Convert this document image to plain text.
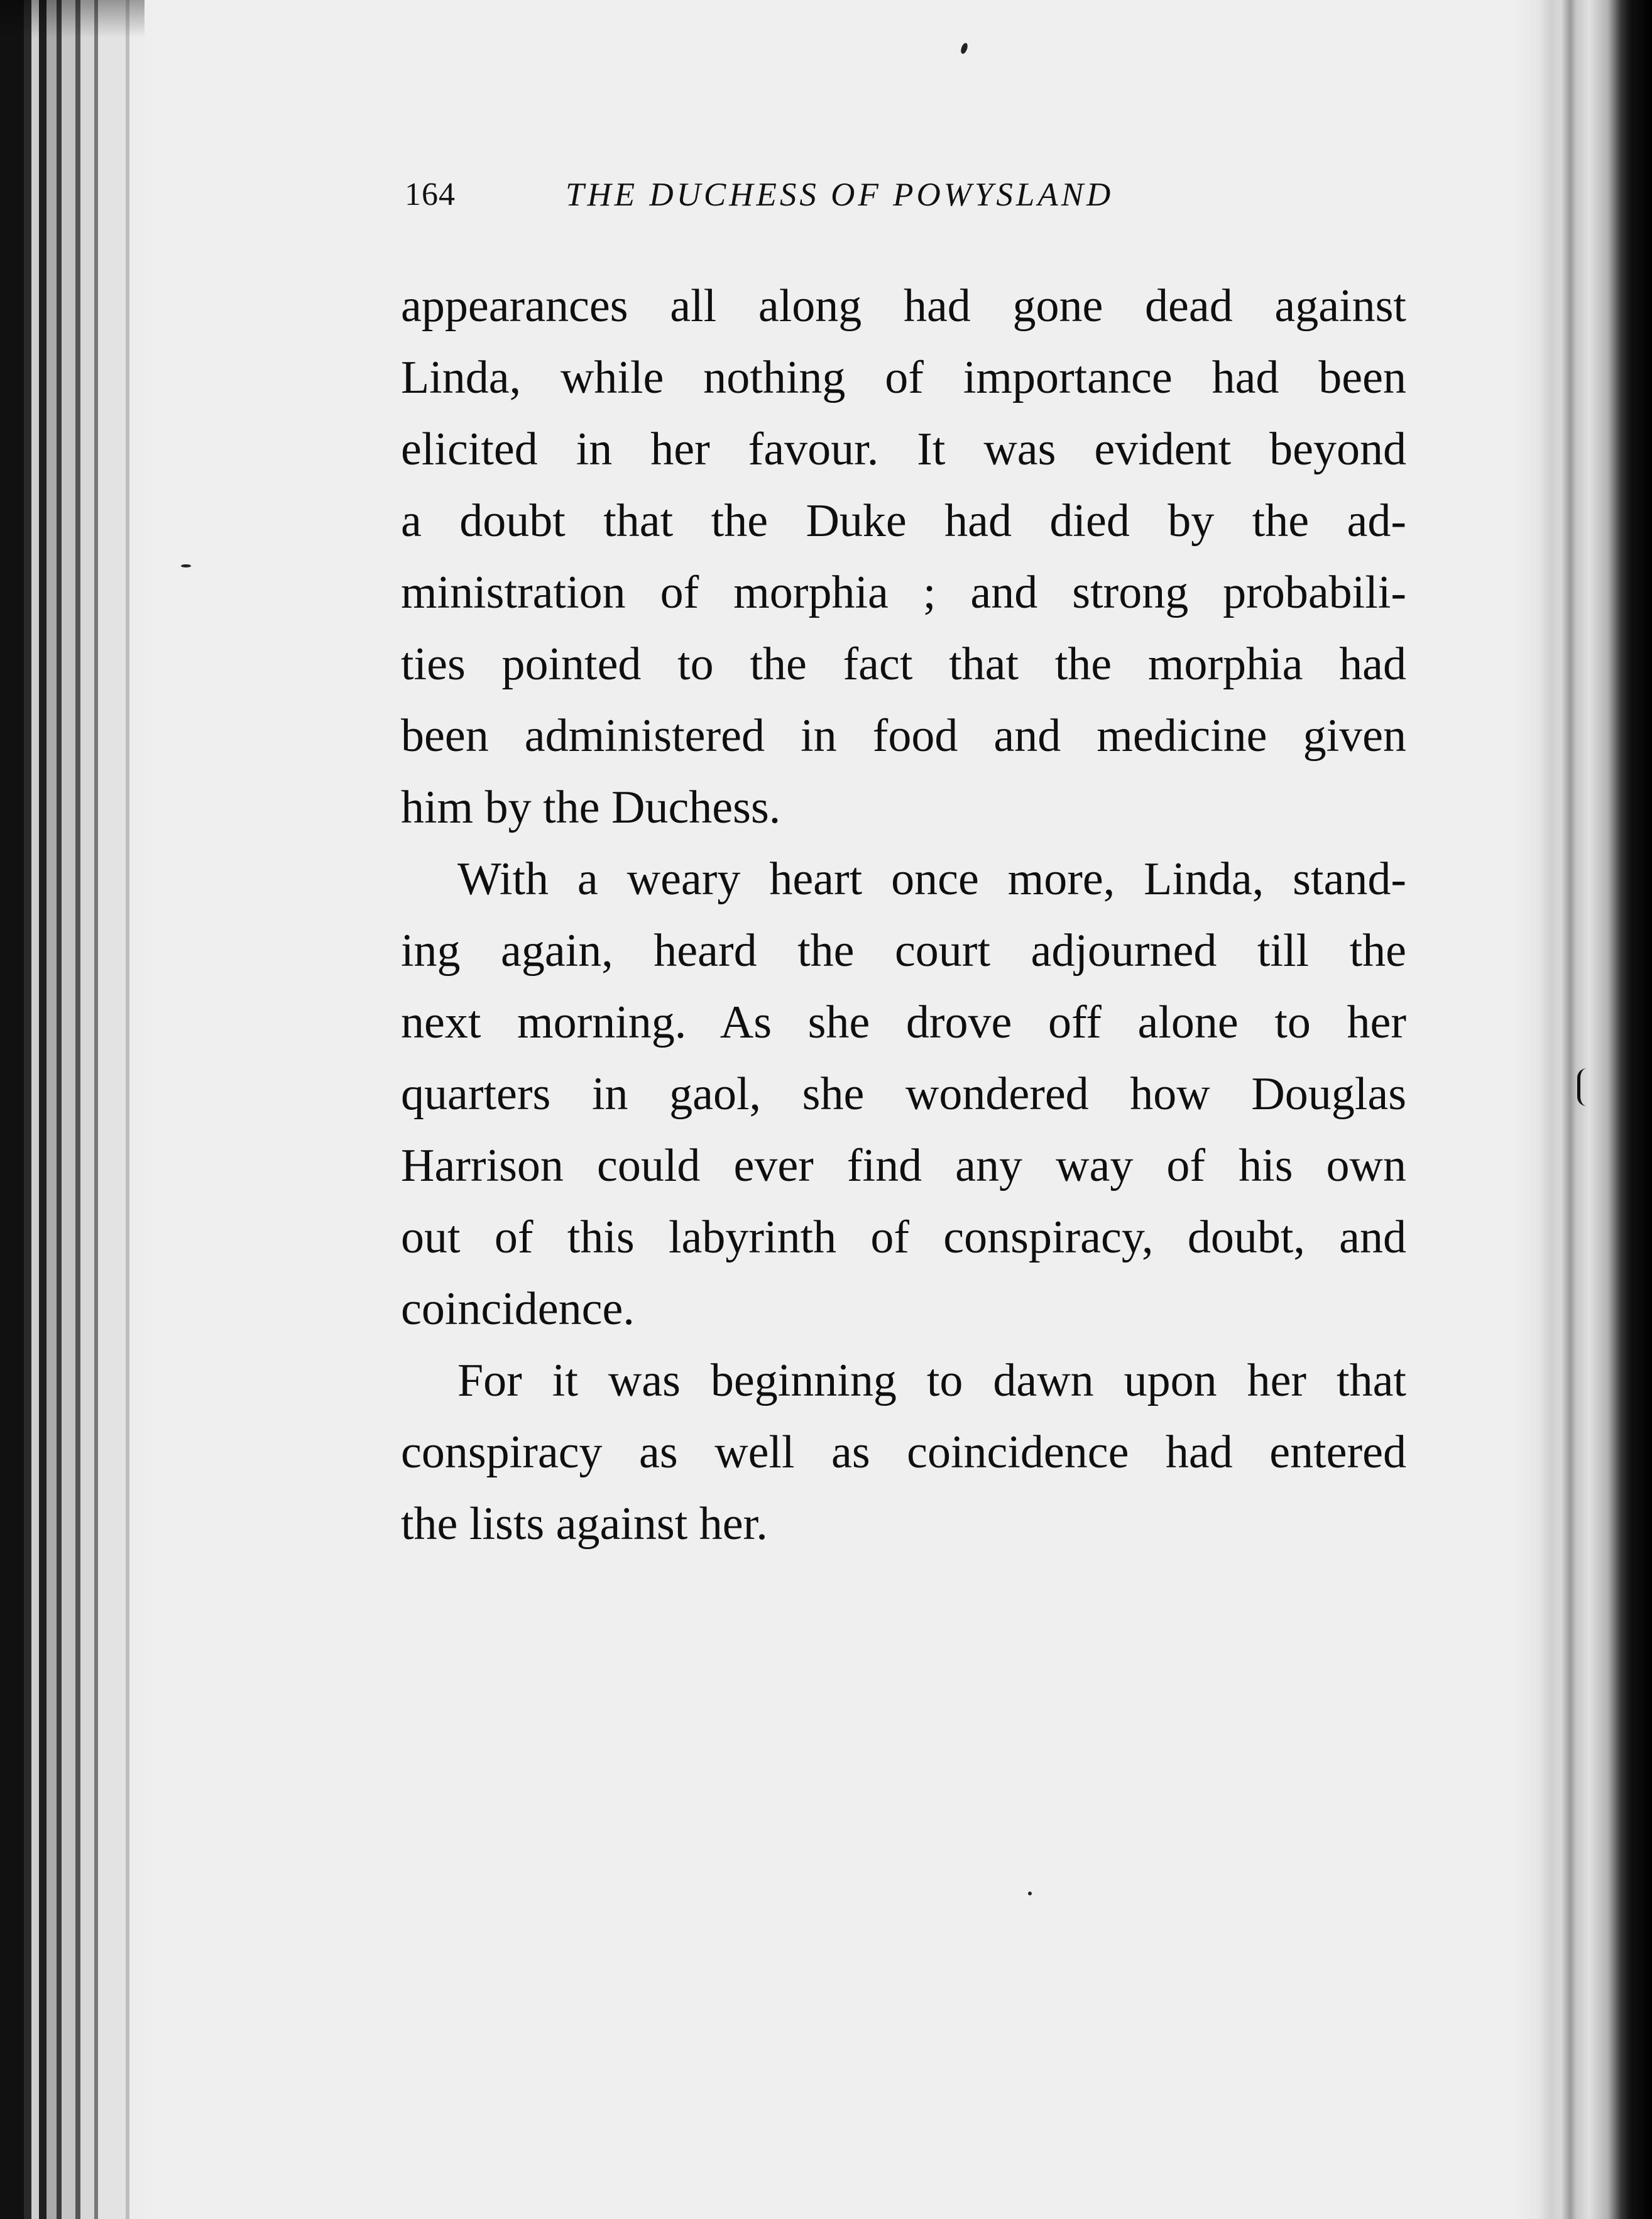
164	THE DUCHESS OF POWYSLAND
appearances all along had gone dead against
Linda, while nothing of importance had been
elicited in her favour. It was evident beyond
a doubt that the Duke had died by the ad-
ministration of morphia ; and strong probabili-
ties pointed to the fact that the morphia had
been administered in food and medicine given
him by the Duchess.
With a weary heart once more, Linda, stand-
ing again, heard the court adjourned till the
next morning. As she drove off alone to her
quarters in gaol, she wondered how Douglas
Harrison could ever find any way of his own
out of this labyrinth of conspiracy, doubt, and
coincidence.
For it was beginning to dawn upon her that
conspiracy as well as coincidence had entered
the lists against her.
